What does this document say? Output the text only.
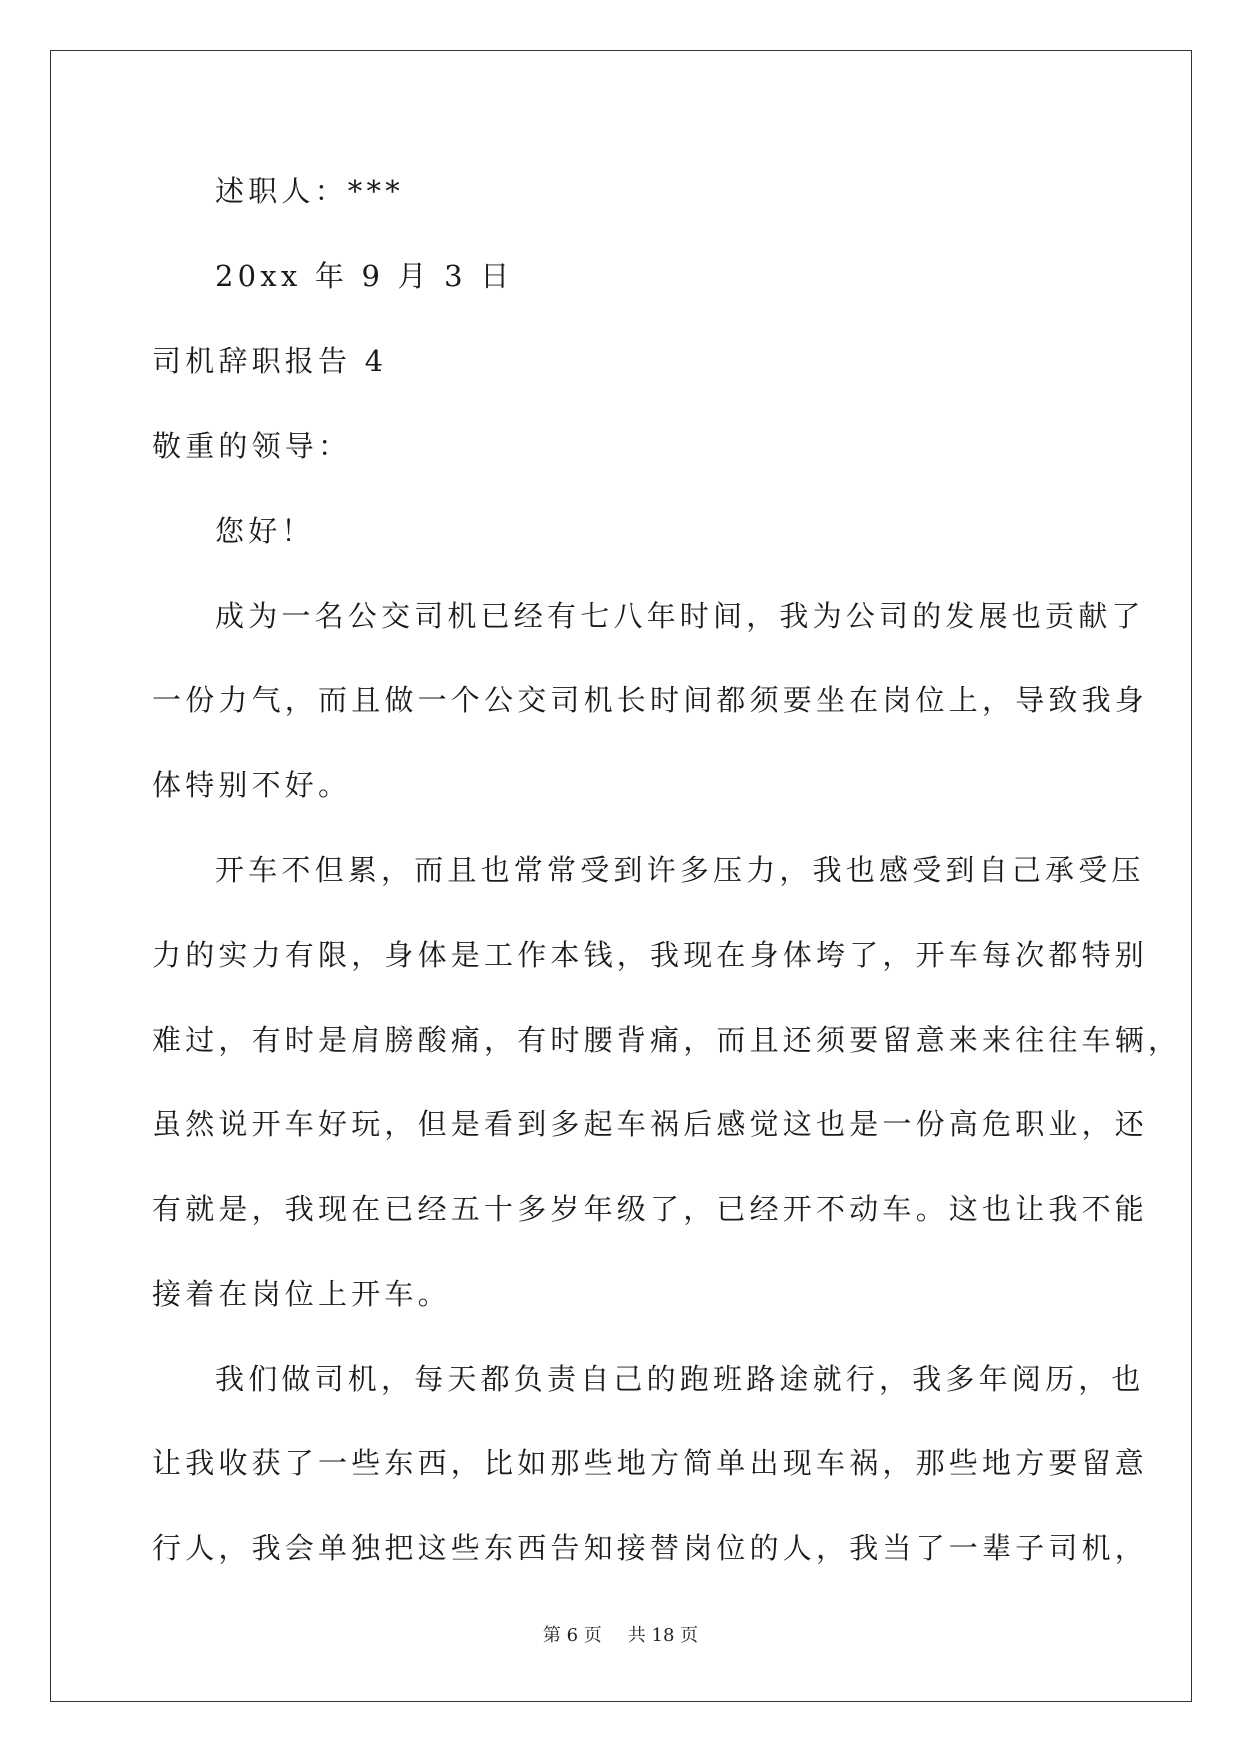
述职人：***
20xx 年 9 月 3 日
司机辞职报告 4
敬重的领导：
您好！
成为一名公交司机已经有七八年时间，我为公司的发展也贡献了
一份力气，而且做一个公交司机长时间都须要坐在岗位上，导致我身
体特别不好。
开车不但累，而且也常常受到许多压力，我也感受到自己承受压
力的实力有限，身体是工作本钱，我现在身体垮了，开车每次都特别
难过，有时是肩膀酸痛，有时腰背痛，而且还须要留意来来往往车辆，
虽然说开车好玩，但是看到多起车祸后感觉这也是一份高危职业，还
有就是，我现在已经五十多岁年级了，已经开不动车。这也让我不能
接着在岗位上开车。
我们做司机，每天都负责自己的跑班路途就行，我多年阅历，也
让我收获了一些东西，比如那些地方简单出现车祸，那些地方要留意
行人，我会单独把这些东西告知接替岗位的人，我当了一辈子司机，
第 6 页 共 18 页
